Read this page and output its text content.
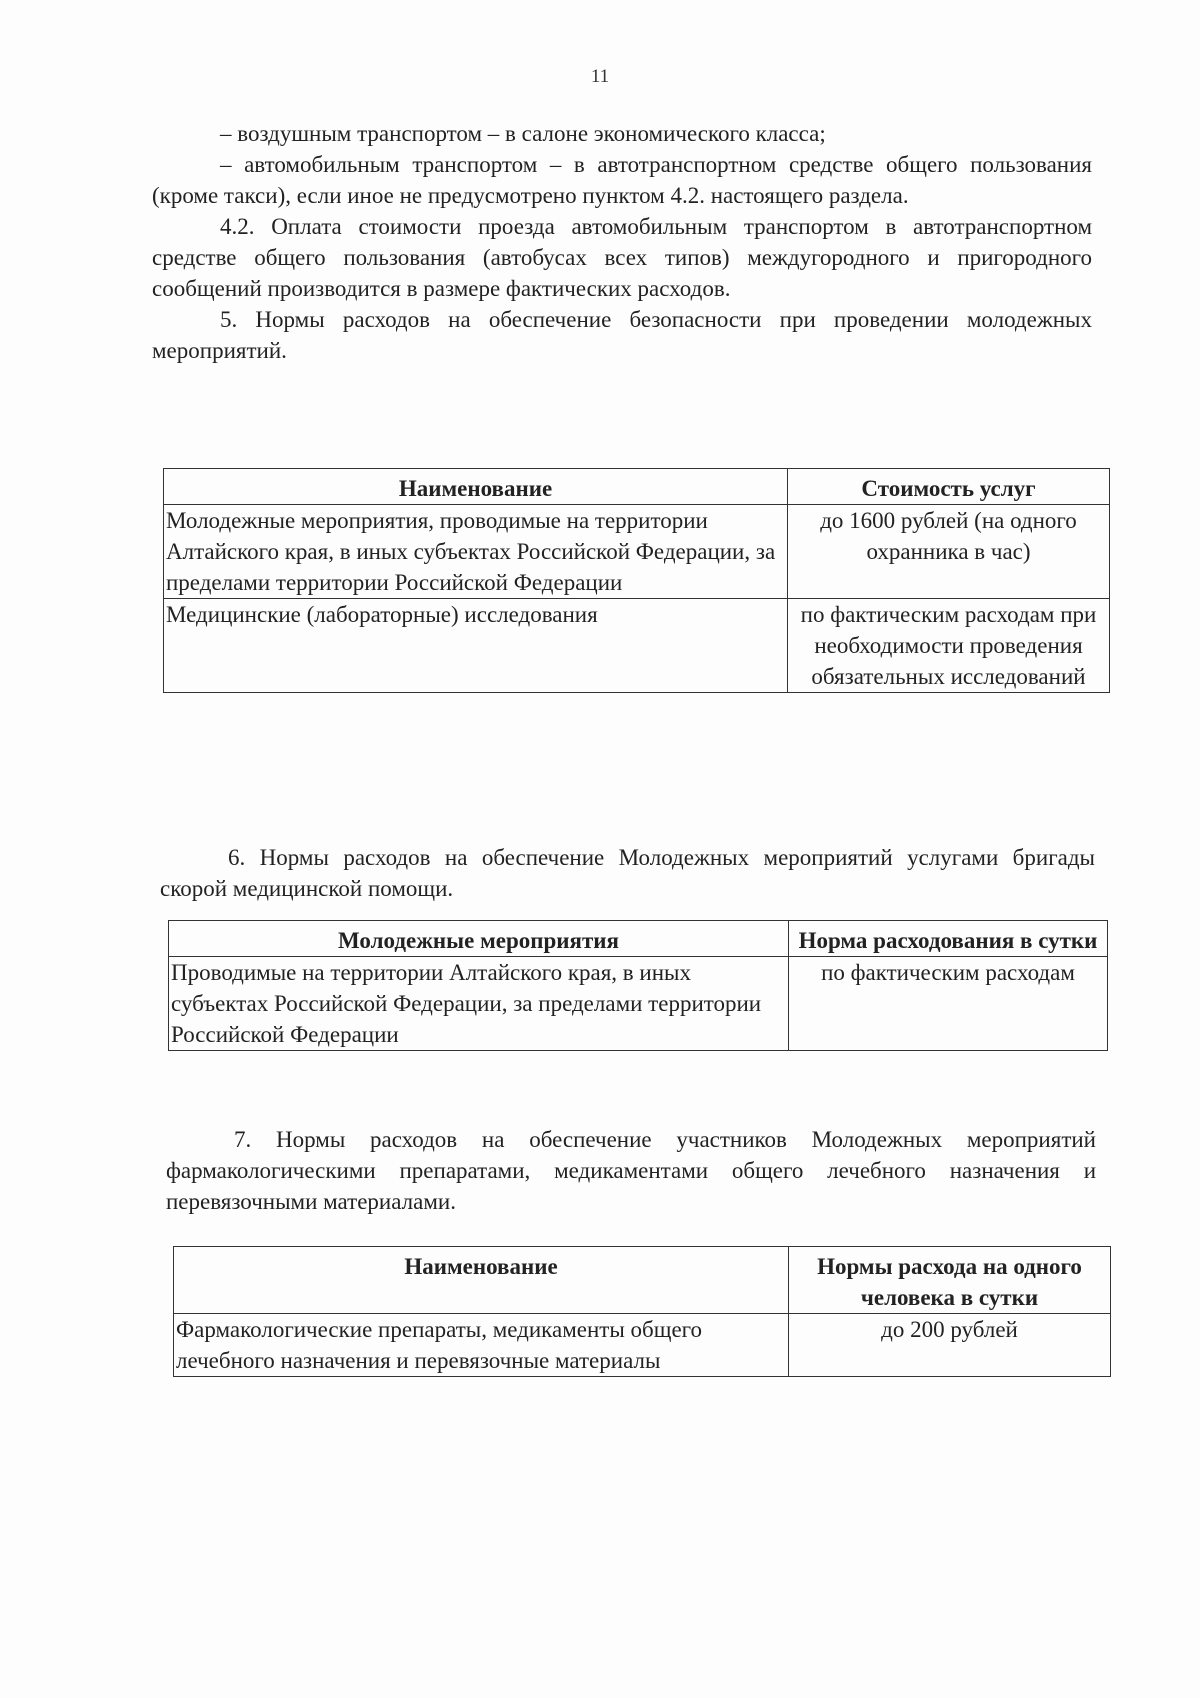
11

– воздушным транспортом – в салоне экономического класса;

– автомобильным транспортом – в автотранспортном средстве общего пользования (кроме такси), если иное не предусмотрено пунктом 4.2. настоящего раздела.

4.2. Оплата стоимости проезда автомобильным транспортом в автотранспортном средстве общего пользования (автобусах всех типов) междугородного и пригородного сообщений производится в размере фактических расходов.

5. Нормы расходов на обеспечение безопасности при проведении молодежных мероприятий.

Наименование	Стоимость услуг
Молодежные мероприятия, проводимые на территории Алтайского края, в иных субъектах Российской Федерации, за пределами территории Российской Федерации	до 1600 рублей (на одного охранника в час)
Медицинские (лабораторные) исследования	по фактическим расходам при необходимости проведения обязательных исследований

6. Нормы расходов на обеспечение Молодежных мероприятий услугами бригады скорой медицинской помощи.

Молодежные мероприятия	Норма расходования в сутки
Проводимые на территории Алтайского края, в иных субъектах Российской Федерации, за пределами территории Российской Федерации	по фактическим расходам

7. Нормы расходов на обеспечение участников Молодежных мероприятий фармакологическими препаратами, медикаментами общего лечебного назначения и перевязочными материалами.

Наименование	Нормы расхода на одного человека в сутки
Фармакологические препараты, медикаменты общего лечебного назначения и перевязочные материалы	до 200 рублей
